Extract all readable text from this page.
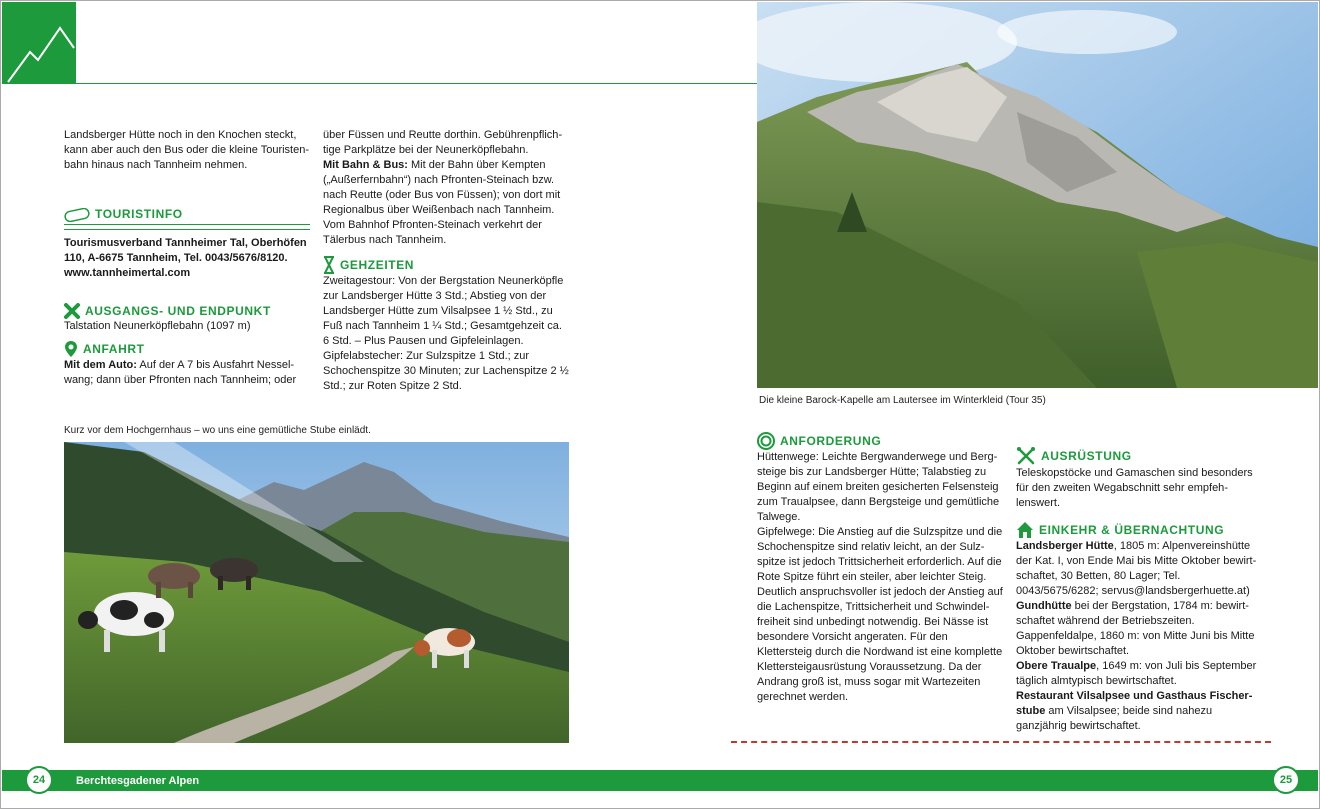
Landsberger Hütte noch in den Knochen steckt, kann aber auch den Bus oder die kleine Touristenbahn hinaus nach Tannheim nehmen.

TOURISTINFO

Tourismusverband Tannheimer Tal, Oberhöfen 110, A-6675 Tannheim, Tel. 0043/5676/8120.

www.tannheimertal.com

AUSGANGS- UND ENDPUNKT

Talstation Neunerköpflebahn (1097 m)

ANFAHRT

Mit dem Auto: Auf der A 7 bis Ausfahrt Nesselwang; dann über Pfronten nach Tannheim; oder

über Füssen und Reutte dorthin. Gebührenpflichtige Parkplätze bei der Neunerköpflebahn.

Mit Bahn & Bus: Mit der Bahn über Kempten („Außerfernbahn“) nach Pfronten-Steinach bzw. nach Reutte (oder Bus von Füssen); von dort mit Regionalbus über Weißenbach nach Tannheim. Vom Bahnhof Pfronten-Steinach verkehrt der Tälerbus nach Tannheim.

GEHZEITEN

Zweitagestour: Von der Bergstation Neunerköpfle zur Landsberger Hütte 3 Std.; Abstieg von der Landsberger Hütte zum Vilsalpsee 1 ½ Std., zu Fuß nach Tannheim 1 ¼ Std.; Gesamtgehzeit ca. 6 Std. – Plus Pausen und Gipfeleinlagen.

Gipfelabstecher: Zur Sulzspitze 1 Std.; zur Schochenspitze 30 Minuten; zur Lachenspitze 2 ½ Std.; zur Roten Spitze 2 Std.

Kurz vor dem Hochgernhaus – wo uns eine gemütliche Stube einlädt.
Die kleine Barock-Kapelle am Lautersee im Winterkleid (Tour 35)
ANFORDERUNG

Hüttenwege: Leichte Bergwanderwege und Bergsteige bis zur Landsberger Hütte; Talabstieg zu Beginn auf einem breiten gesicherten Felsensteig zum Traualpsee, dann Bergsteige und gemütliche Talwege.

Gipfelwege: Die Anstieg auf die Sulzspitze und die Schochenspitze sind relativ leicht, an der Sulzspitze ist jedoch Trittsicherheit erforderlich. Auf die Rote Spitze führt ein steiler, aber leichter Steig. Deutlich anspruchsvoller ist jedoch der Anstieg auf die Lachenspitze, Trittsicherheit und Schwindelfreiheit sind unbedingt notwendig. Bei Nässe ist besondere Vorsicht angeraten. Für den Klettersteig durch die Nordwand ist eine komplette Klettersteigausrüstung Voraussetzung. Da der Andrang groß ist, muss sogar mit Wartezeiten gerechnet werden.

AUSRÜSTUNG

Teleskopstöcke und Gamaschen sind besonders für den zweiten Wegabschnitt sehr empfehlenswert.

EINKEHR & ÜBERNACHTUNG

Landsberger Hütte, 1805 m: Alpenvereinshütte der Kat. I, von Ende Mai bis Mitte Oktober bewirtschaftet, 30 Betten, 80 Lager; Tel. 0043/5675/6282; servus@landsbergerhuette.at)

Gundhütte bei der Bergstation, 1784 m: bewirtschaftet während der Betriebszeiten.

Gappenfeldalpe, 1860 m: von Mitte Juni bis Mitte Oktober bewirtschaftet.

Obere Traualpe, 1649 m: von Juli bis September täglich almtypisch bewirtschaftet.

Restaurant Vilsalpsee und Gasthaus Fischerstube am Vilsalpsee; beide sind nahezu ganzjährig bewirtschaftet.

Berchtesgadener Alpen
24	25
